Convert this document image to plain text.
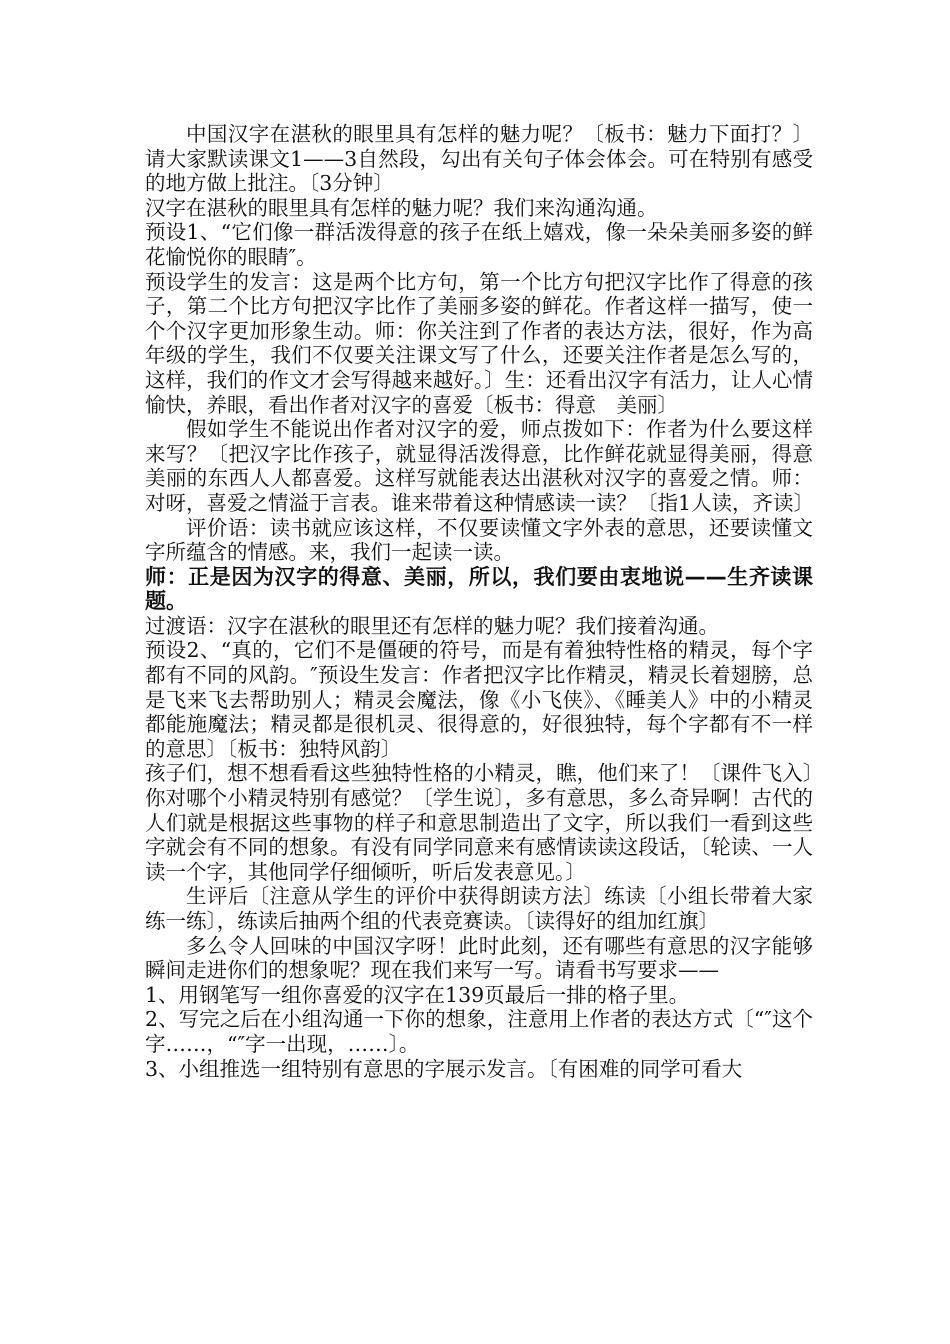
中国汉字在湛秋的眼里具有怎样的魅力呢？〔板书：魅力下面打？〕请大家默读课文1——3自然段，勾出有关句子体会体会。可在特别有感受的地方做上批注。〔3分钟〕

汉字在湛秋的眼里具有怎样的魅力呢？我们来沟通沟通。

预设1、“它们像一群活泼得意的孩子在纸上嬉戏，像一朵朵美丽多姿的鲜花愉悦你的眼睛″。

预设学生的发言：这是两个比方句，第一个比方句把汉字比作了得意的孩子，第二个比方句把汉字比作了美丽多姿的鲜花。作者这样一描写，使一个个汉字更加形象生动。师：你关注到了作者的表达方法，很好，作为高年级的学生，我们不仅要关注课文写了什么，还要关注作者是怎么写的，这样，我们的作文才会写得越来越好。〕生：还看出汉字有活力，让人心情愉快，养眼，看出作者对汉字的喜爱〔板书：得意　美丽〕

假如学生不能说出作者对汉字的爱，师点拨如下：作者为什么要这样来写？〔把汉字比作孩子，就显得活泼得意，比作鲜花就显得美丽，得意美丽的东西人人都喜爱。这样写就能表达出湛秋对汉字的喜爱之情。师：对呀，喜爱之情溢于言表。谁来带着这种情感读一读？〔指1人读，齐读〕

评价语：读书就应该这样，不仅要读懂文字外表的意思，还要读懂文字所蕴含的情感。来，我们一起读一读。

师：正是因为汉字的得意、美丽，所以，我们要由衷地说——生齐读课题。

过渡语：汉字在湛秋的眼里还有怎样的魅力呢？我们接着沟通。

预设2、“真的，它们不是僵硬的符号，而是有着独特性格的精灵，每个字都有不同的风韵。″预设生发言：作者把汉字比作精灵，精灵长着翅膀，总是飞来飞去帮助别人；精灵会魔法，像《小飞侠》、《睡美人》中的小精灵都能施魔法；精灵都是很机灵、很得意的，好很独特，每个字都有不一样的意思〕〔板书：独特风韵〕

孩子们，想不想看看这些独特性格的小精灵，瞧，他们来了！〔课件飞入〕你对哪个小精灵特别有感觉？〔学生说〕，多有意思，多么奇异啊！古代的人们就是根据这些事物的样子和意思制造出了文字，所以我们一看到这些字就会有不同的想象。有没有同学同意来有感情读读这段话，〔轮读、一人读一个字，其他同学仔细倾听，听后发表意见。〕

生评后〔注意从学生的评价中获得朗读方法〕练读〔小组长带着大家练一练〕，练读后抽两个组的代表竞赛读。〔读得好的组加红旗〕

多么令人回味的中国汉字呀！此时此刻，还有哪些有意思的汉字能够瞬间走进你们的想象呢？现在我们来写一写。请看书写要求——

1、用钢笔写一组你喜爱的汉字在139页最后一排的格子里。

2、写完之后在小组沟通一下你的想象，注意用上作者的表达方式〔“″这个字……，“″字一出现，……〕。

3、小组推选一组特别有意思的字展示发言。〔有困难的同学可看大
